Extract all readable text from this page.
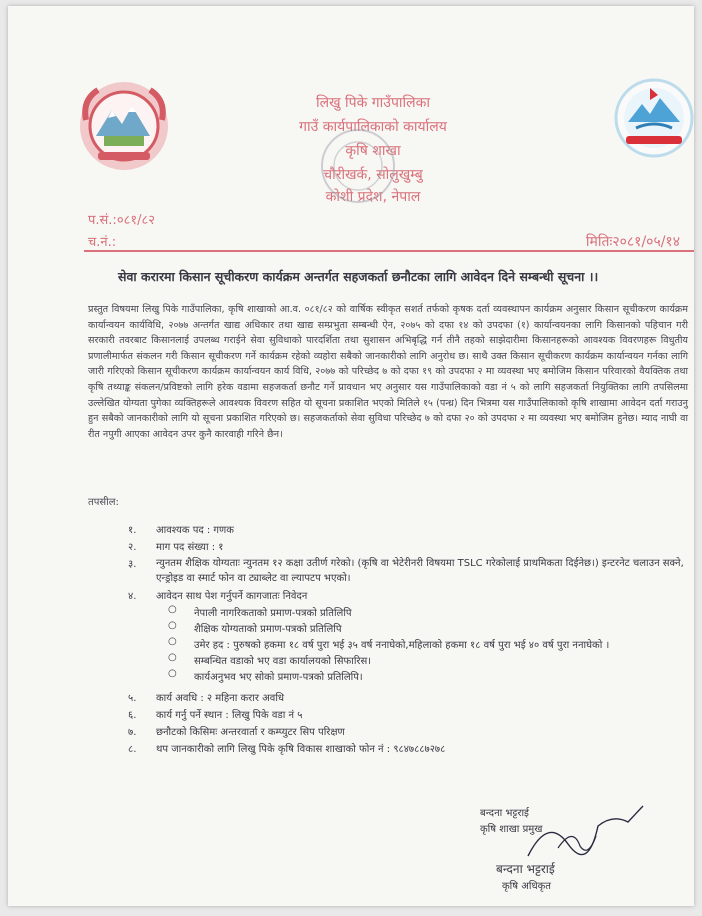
लिखु पिके गाउँपालिका
गाउँ कार्यपालिकाको कार्यालय
कृषि शाखा
चौरीखर्क, सोलुखुम्बु
कोशी प्रदेश, नेपाल
प.सं.:०८१/८२
च.नं.:	मितिः२०८१/०५/१४
सेवा करारमा किसान सूचीकरण कार्यक्रम अन्तर्गत सहजकर्ता छनौटका लागि आवेदन दिने सम्बन्धी सूचना ।।
प्रस्तुत विषयमा लिखु पिके गाउँपालिका, कृषि शाखाको आ.व. ०८१/८२ को वार्षिक स्वीकृत सशर्त तर्फको कृषक दर्ता व्यवस्थापन कार्यक्रम अनुसार किसान सूचीकरण कार्यक्रम कार्यान्वयन कार्यविधि, २०७७ अन्तर्गत खाद्य अधिकार तथा खाद्य सम्प्रभुता सम्बन्धी ऐन, २०७५ को दफा १४ को उपदफा (१) कार्यान्वयनका लागि किसानको पहिचान गरी सरकारी तवरबाट किसानलाई उपलब्ध गराईने सेवा सुविधाको पारदर्शिता तथा सुशासन अभिबृद्धि गर्न तीनै तहको साझेदारीमा किसानहरूको आवश्यक विवरणहरू विधुतीय प्रणालीमार्फत संकलन गरी किसान सूचीकरण गर्ने कार्यक्रम रहेको व्यहोरा सबैको जानकारीको लागि अनुरोध छ। साथै उक्त किसान सूचीकरण कार्यक्रम कार्यान्वयन गर्नका लागि जारी गरिएको किसान सूचीकरण कार्यक्रम कार्यान्वयन कार्य विधि, २०७७ को परिच्छेद ७ को दफा १९ को उपदफा २ मा व्यवस्था भए बमोजिम किसान परिवारको वैयक्तिक तथा कृषि तथ्याङ्क संकलन/प्रविष्टको लागि हरेक वडामा सहजकर्ता छनौट गर्ने प्रावधान भए अनुसार यस गाउँपालिकाको वडा नं ५ को लागि सहजकर्ता नियुक्तिका लागि तपसिलमा उल्लेखित योग्यता पुगेका व्यक्तिहरूले आवश्यक विवरण सहित यो सूचना प्रकाशित भएको मितिले १५ (पन्ध्र) दिन भित्रमा यस गाउँपालिकाको कृषि शाखामा आवेदन दर्ता गराउनु हुन सबैको जानकारीको लागि यो सूचना प्रकाशित गरिएको छ। सहजकर्ताको सेवा सुविधा परिच्छेद ७ को दफा २० को उपदफा २ मा व्यवस्था भए बमोजिम हुनेछ। म्याद नाघी वा रीत नपुगी आएका आवेदन उपर कुनै कारवाही गरिने छैन।
तपसील:
१.	आवश्यक पद : गणक
२.	माग पद संख्या : १
३.	न्युनतम शैक्षिक योग्यताः न्युनतम १२ कक्षा उतीर्ण गरेको। (कृषि वा भेटेरीनरी विषयमा TSLC गरेकोलाई प्राथमिकता दिईनेछ।) इन्टरनेट चलाउन सक्ने, एन्ड्रोइड वा स्मार्ट फोन वा ट्याब्लेट वा ल्यापटप भएको।
४.	आवेदन साथ पेश गर्नुपर्ने कागजातः निवेदन
○ नेपाली नागरिकताको प्रमाण-पत्रको प्रतिलिपि
○ शैक्षिक योग्यताको प्रमाण-पत्रको प्रतिलिपि
○ उमेर हद : पुरुषको हकमा १८ वर्ष पुरा भई ३५ वर्ष ननाघेको,महिलाको हकमा १८ वर्ष पुरा भई ४० वर्ष पुरा ननाघेको ।
○ सम्बन्धित वडाको भए वडा कार्यालयको सिफारिस।
○ कार्यअनुभव भए सोको प्रमाण-पत्रको प्रतिलिपि।
५.	कार्य अवधि : २ महिना करार अवधि
६.	कार्य गर्नु पर्ने स्थान : लिखु पिके वडा नं ५
७.	छनौटको किसिमः अन्तरवार्ता र कम्प्युटर सिप परिक्षण
८.	थप जानकारीको लागि लिखु पिके कृषि विकास शाखाको फोन नं : ९८४७८८७२७८
बन्दना भट्टराई
कृषि शाखा प्रमुख
बन्दना भट्टराई
कृषि अधिकृत
